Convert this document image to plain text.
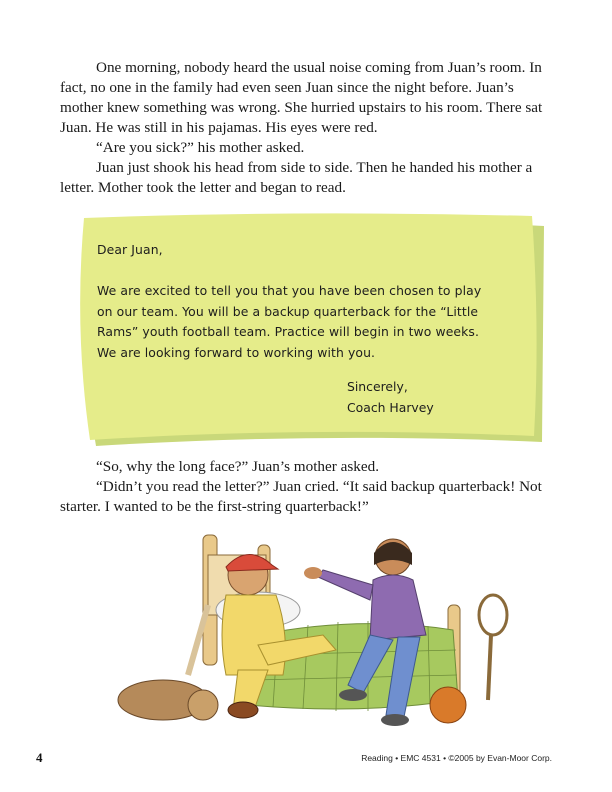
One morning, nobody heard the usual noise coming from Juan’s room. In fact, no one in the family had even seen Juan since the night before. Juan’s mother knew something was wrong. She hurried upstairs to his room. There sat Juan. He was still in his pajamas. His eyes were red.

“Are you sick?” his mother asked.

Juan just shook his head from side to side. Then he handed his mother a letter. Mother took the letter and began to read.

Dear Juan,
We are excited to tell you that you have been chosen to play
on our team. You will be a backup quarterback for the “Little
Rams” youth football team. Practice will begin in two weeks.
We are looking forward to working with you.
Sincerely,
Coach Harvey

“So, why the long face?” Juan’s mother asked.

“Didn’t you read the letter?” Juan cried. “It said backup quarterback! Not starter. I wanted to be the first-string quarterback!”

4	Reading • EMC 4531 • ©2005 by Evan-Moor Corp.
